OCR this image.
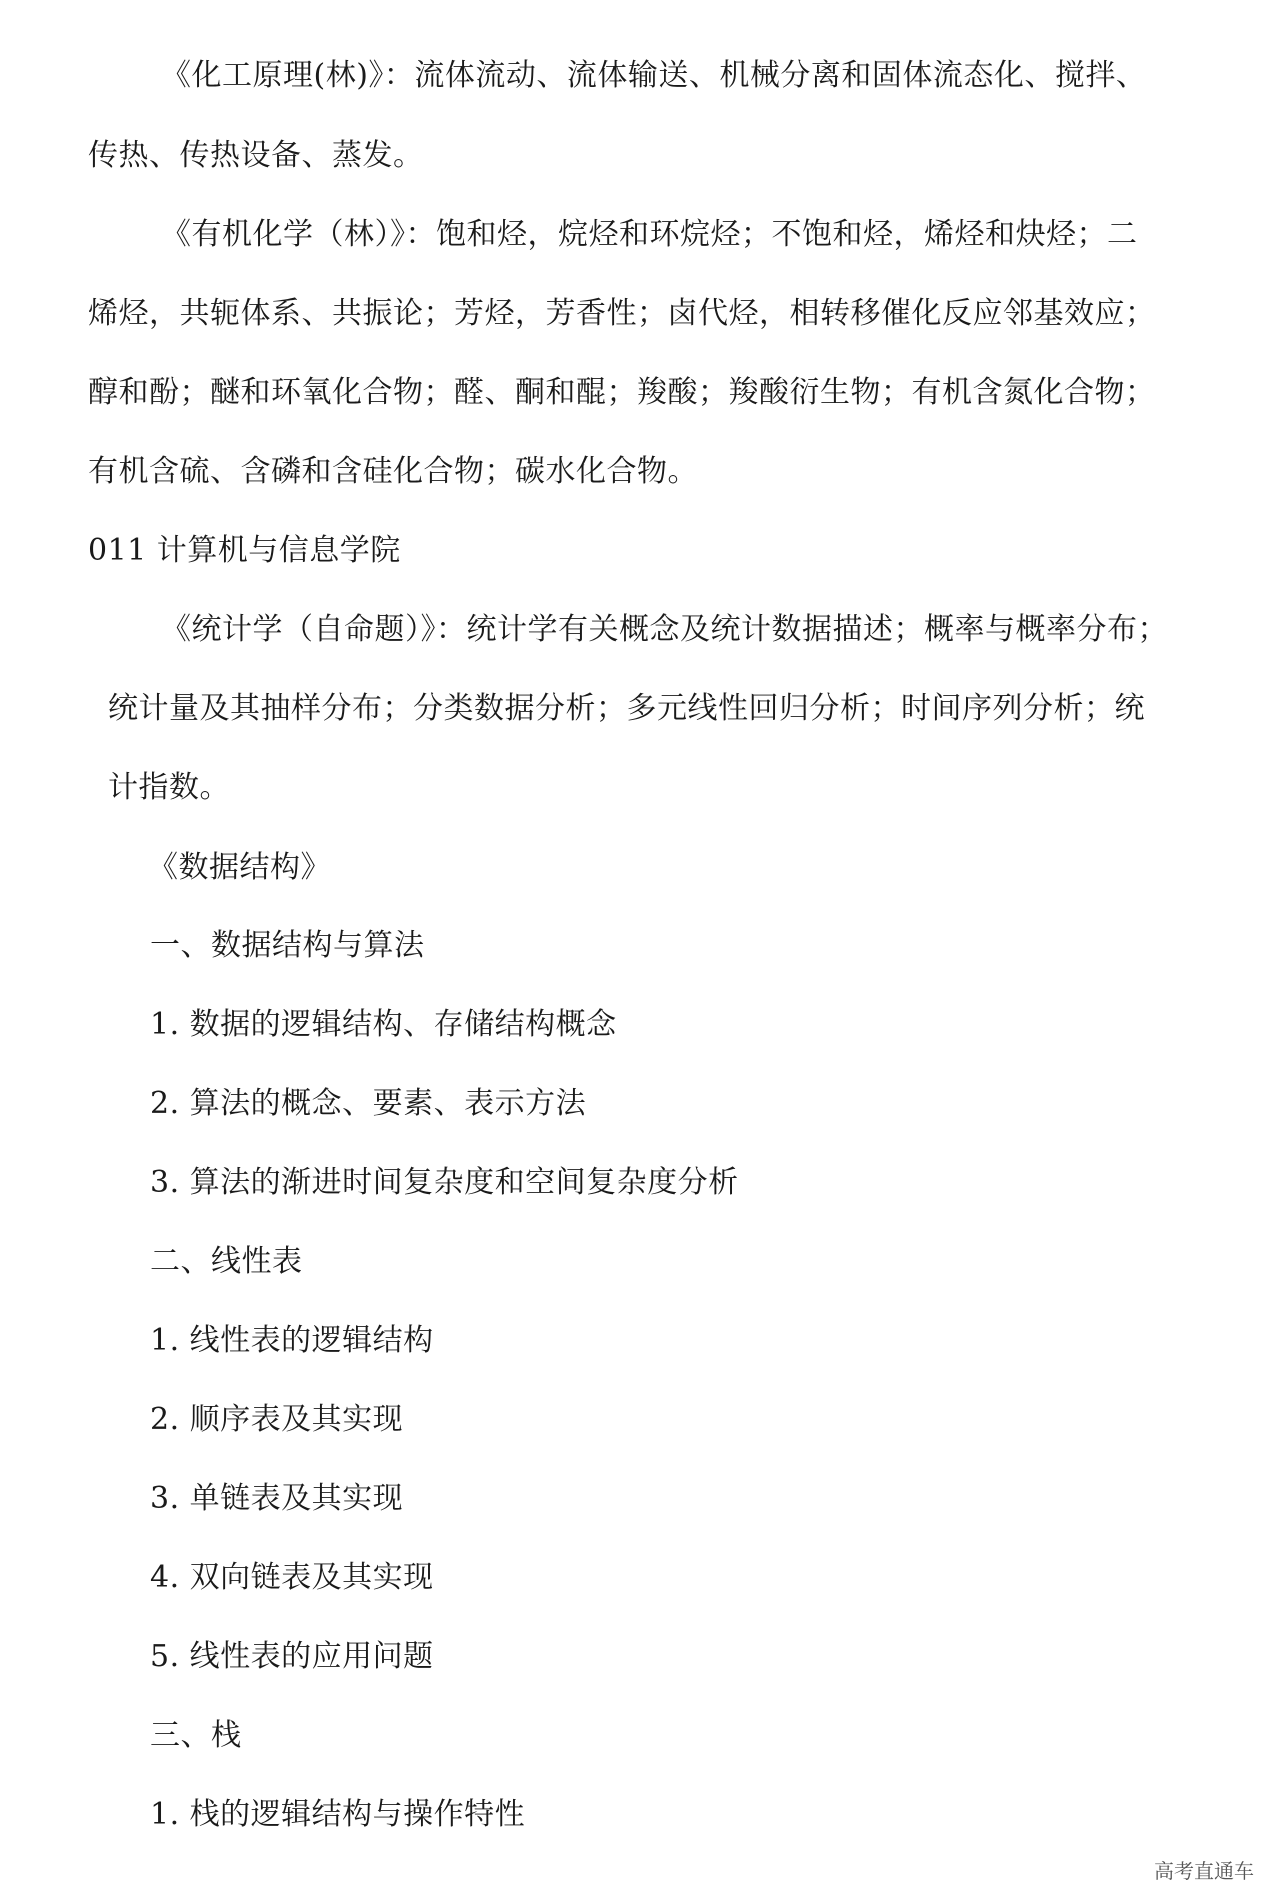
《化工原理(林)》：流体流动、流体输送、机械分离和固体流态化、搅拌、
传热、传热设备、蒸发。
《有机化学（林）》：饱和烃，烷烃和环烷烃；不饱和烃，烯烃和炔烃；二
烯烃，共轭体系、共振论；芳烃，芳香性；卤代烃，相转移催化反应邻基效应；
醇和酚；醚和环氧化合物；醛、酮和醌；羧酸；羧酸衍生物；有机含氮化合物；
有机含硫、含磷和含硅化合物；碳水化合物。
011 计算机与信息学院
《统计学（自命题）》：统计学有关概念及统计数据描述；概率与概率分布；
统计量及其抽样分布；分类数据分析；多元线性回归分析；时间序列分析；统
计指数。
《数据结构》
一、数据结构与算法
1. 数据的逻辑结构、存储结构概念
2. 算法的概念、要素、表示方法
3. 算法的渐进时间复杂度和空间复杂度分析
二、线性表
1. 线性表的逻辑结构
2. 顺序表及其实现
3. 单链表及其实现
4. 双向链表及其实现
5. 线性表的应用问题
三、栈
1. 栈的逻辑结构与操作特性
高考直通车
